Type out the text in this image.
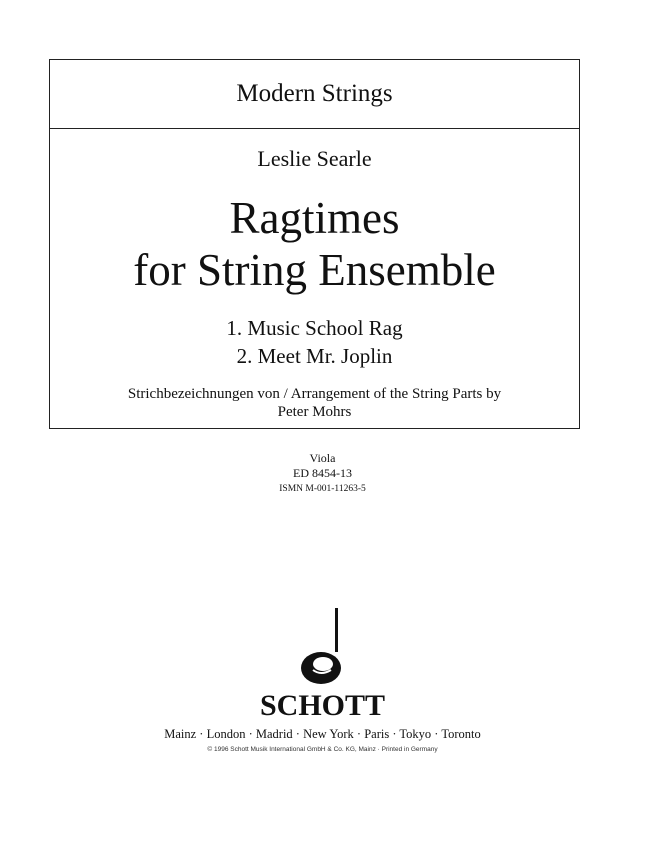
Modern Strings
Leslie Searle
Ragtimes
for String Ensemble
1. Music School Rag
2. Meet Mr. Joplin
Strichbezeichnungen von / Arrangement of the String Parts by
Peter Mohrs
Viola
ED 8454-13
ISMN M-001-11263-5
SCHOTT
Mainz · London · Madrid · New York · Paris · Tokyo · Toronto
© 1996 Schott Musik International GmbH & Co. KG, Mainz · Printed in Germany
